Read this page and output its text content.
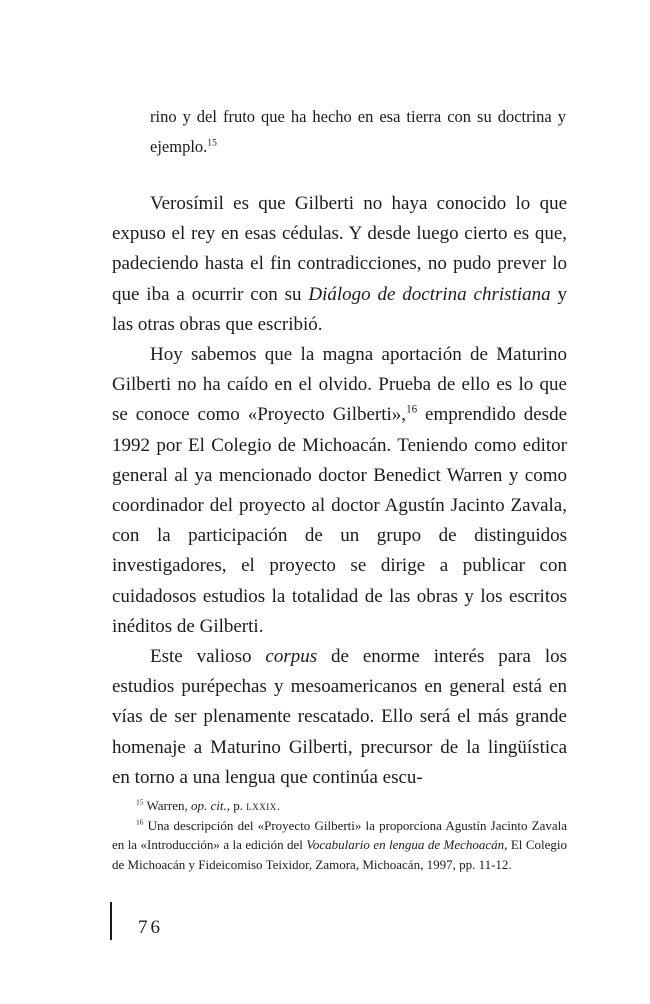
rino y del fruto que ha hecho en esa tierra con su doctrina y ejemplo.$^{15}$

Verosímil es que Gilberti no haya conocido lo que expuso el rey en esas cédulas. Y desde luego cierto es que, padeciendo hasta el fin contradicciones, no pudo prever lo que iba a ocurrir con su Diálogo de doctrina christiana y las otras obras que escribió.

Hoy sabemos que la magna aportación de Maturino Gilberti no ha caído en el olvido. Prueba de ello es lo que se conoce como «Proyecto Gilberti»,$^{16}$ emprendido desde 1992 por El Colegio de Michoacán. Teniendo como editor general al ya mencionado doctor Benedict Warren y como coordinador del proyecto al doctor Agustín Jacinto Zavala, con la participación de un grupo de distinguidos investigadores, el proyecto se dirige a publicar con cuidadosos estudios la totalidad de las obras y los escritos inéditos de Gilberti.

Este valioso corpus de enorme interés para los estudios purépechas y mesoamericanos en general está en vías de ser plenamente rescatado. Ello será el más grande homenaje a Maturino Gilberti, precursor de la lingüística en torno a una lengua que continúa escu-

$^{15}$ Warren, op. cit., p. lxxix.

$^{16}$ Una descripción del «Proyecto Gilberti» la proporciona Agustín Jacinto Zavala en la «Introducción» a la edición del Vocabulario en lengua de Mechoacán, El Colegio de Michoacán y Fideicomiso Teixidor, Zamora, Michoacán, 1997, pp. 11-12.

76
